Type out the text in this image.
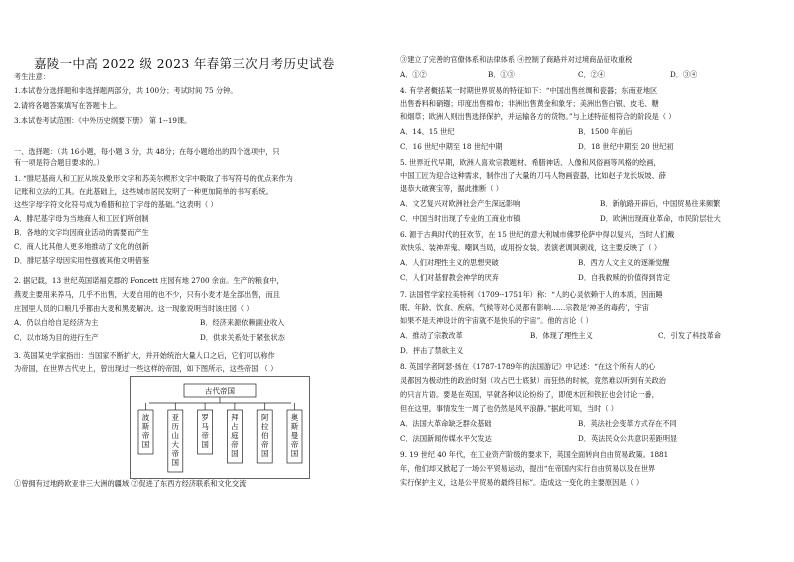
嘉陵一中高 2022 级 2023 年春第三次月考历史试卷
考生注意：
1.本试卷分选择题和非选择题两部分，共 100分；考试时间 75 分钟。
2.请将各题答案填写在答题卡上。
3.本试卷考试范围：《中外历史纲要下册》 第 1--19课。
一、选择题：（共 16小题，每小题 3 分，共 48分；在每小题给出的四个选项中，只
有一项是符合题目要求的。）
1. “腓尼基商人和工匠从埃及象形文字和苏美尔楔形文字中吸取了书写符号的优点来作为
记账和立法的工具。在此基础上，这些城市居民发明了一种更加简单的书写系统。
这些字母字符文化符号成为希腊和拉丁字母的基础。”这表明（ ）
A．腓尼基字母为当地商人和工匠们所创制
B．各地的文字均因商业活动的需要而产生
C．商人比其他人更多地推动了文化的创新
D．腓尼基字母因实用性强被其他文明借鉴
2. 据记载，13 世纪英国诺福克郡的 Foncett 庄园有地 2700 余亩。生产的粮食中，
燕麦主要用来养马，几乎不出售，大麦自用的也不少，只有小麦才是全部出售，而且
庄园里人员的口粮几乎都由大麦和黑麦解决。这一现象说明当时该庄园（ ）
A．仍以自给自足经济为主	B．经济来源依赖副业收入
C．以市场为目的进行生产	D．供求关系处于紧张状态
3. 英国某史学家指出：当国家不断扩大，并开始统治大量人口之后，它们可以称作
为帝国，在世界古代史上，曾出现过一些这样的帝国，如下图所示，这些帝国 （ ）
①曾拥有过地跨欧亚非三大洲的疆域 ②促进了东西方经济联系和文化交流
古代帝国
波斯帝国
亚历山大帝国
罗马帝国
拜占庭帝国
阿拉伯帝国
奥斯曼帝国
③建立了完善的官僚体系和法律体系 ④控制了商路并对过境商品征收重税
A．①②	B．①③	C．②④	D．③④
4. 有学者概括某一时期世界贸易的特征如下：“中国出售丝绸和瓷器；东南亚地区
出售香料和硝镪；印度出售棉布；非洲出售黄金和象牙；美洲出售白银、皮毛、糖
和烟草；欧洲人则出售选择保护，并运输各方的货物。”与上述特征相符合的阶段是（ ）
A．14、15 世纪	B．1500 年前后
C．16 世纪中期至 18 世纪中期	D．18 世纪中期至 20 世纪初
5. 世界近代早期，欧洲人喜欢宗教题材、希腊神话、人像和风俗画等风格的绘画，
中国工匠为迎合这种需求，制作出了大量的刀马人物画瓷器，比如赵子龙长坂坡、薛
退恭大破赛宝等，据此推断（ ）
A．文艺复兴对欧洲社会产生深远影响	B．新航路开辟后，中国贸易往来频繁
C．中国当时出现了专业的工商业市镇	D．欧洲出现商业革命，市民阶层壮大
6. 源于古典时代的狂欢节，在 15 世纪的意大利城市佛罗伦萨中得以复兴，当时人们戴
欢快乐、装神弄鬼、嘲讽当局，或用扮女装、表演老调讽刺戏，这主要反映了（ ）
A．人们对理性主义的思想突破	B．西方人文主义的逐渐觉醒
C．人们对基督教会神学的厌弃	D．自我救赎的价值得到肯定
7. 法国哲学家拉美特利（1709--1751年）称：“人的心灵依赖于人的本质，因而睡
眠、年龄、饮食、疾病、气候等对心灵都有影响……宗教是‘神圣的毒药’，宇宙
如果不是天神设计的宇宙就不是快乐的宇宙”。他的言论（ ）
A．推动了宗教改革	B．体现了理性主义	C．引发了科技革命
D．抨击了禁欲主义
8. 英国学者阿瑟·扬在《1787-1789年的法国游记》中记述：“在这个所有人的心
灵都因为极动性的政治时刻（攻占巴士底狱）而狂热的时候，竟然难以听到有关政治
的只言片语。要是在英国，早就各种议论纷纷了，即使木匠和铁匠也会讨论一番，
但在这里，事情发生一周了也仍然是风平浪静。”据此可知，当时（ ）
A．法国大革命缺乏群众基础	B．英法社会变革方式存在不同
C．法国新闻传媒水平欠发达	D．英法民众公共意识差距明显
9. 19 世纪 40 年代，在工业资产阶级的要求下，英国全面转向自由贸易政策。1881
年，他们却又掀起了一场公平贸易运动，提出“在帝国内实行自由贸易以及在世界
实行保护主义，这是公平贸易的最终目标”。造成这一变化的主要原因是（ ）
